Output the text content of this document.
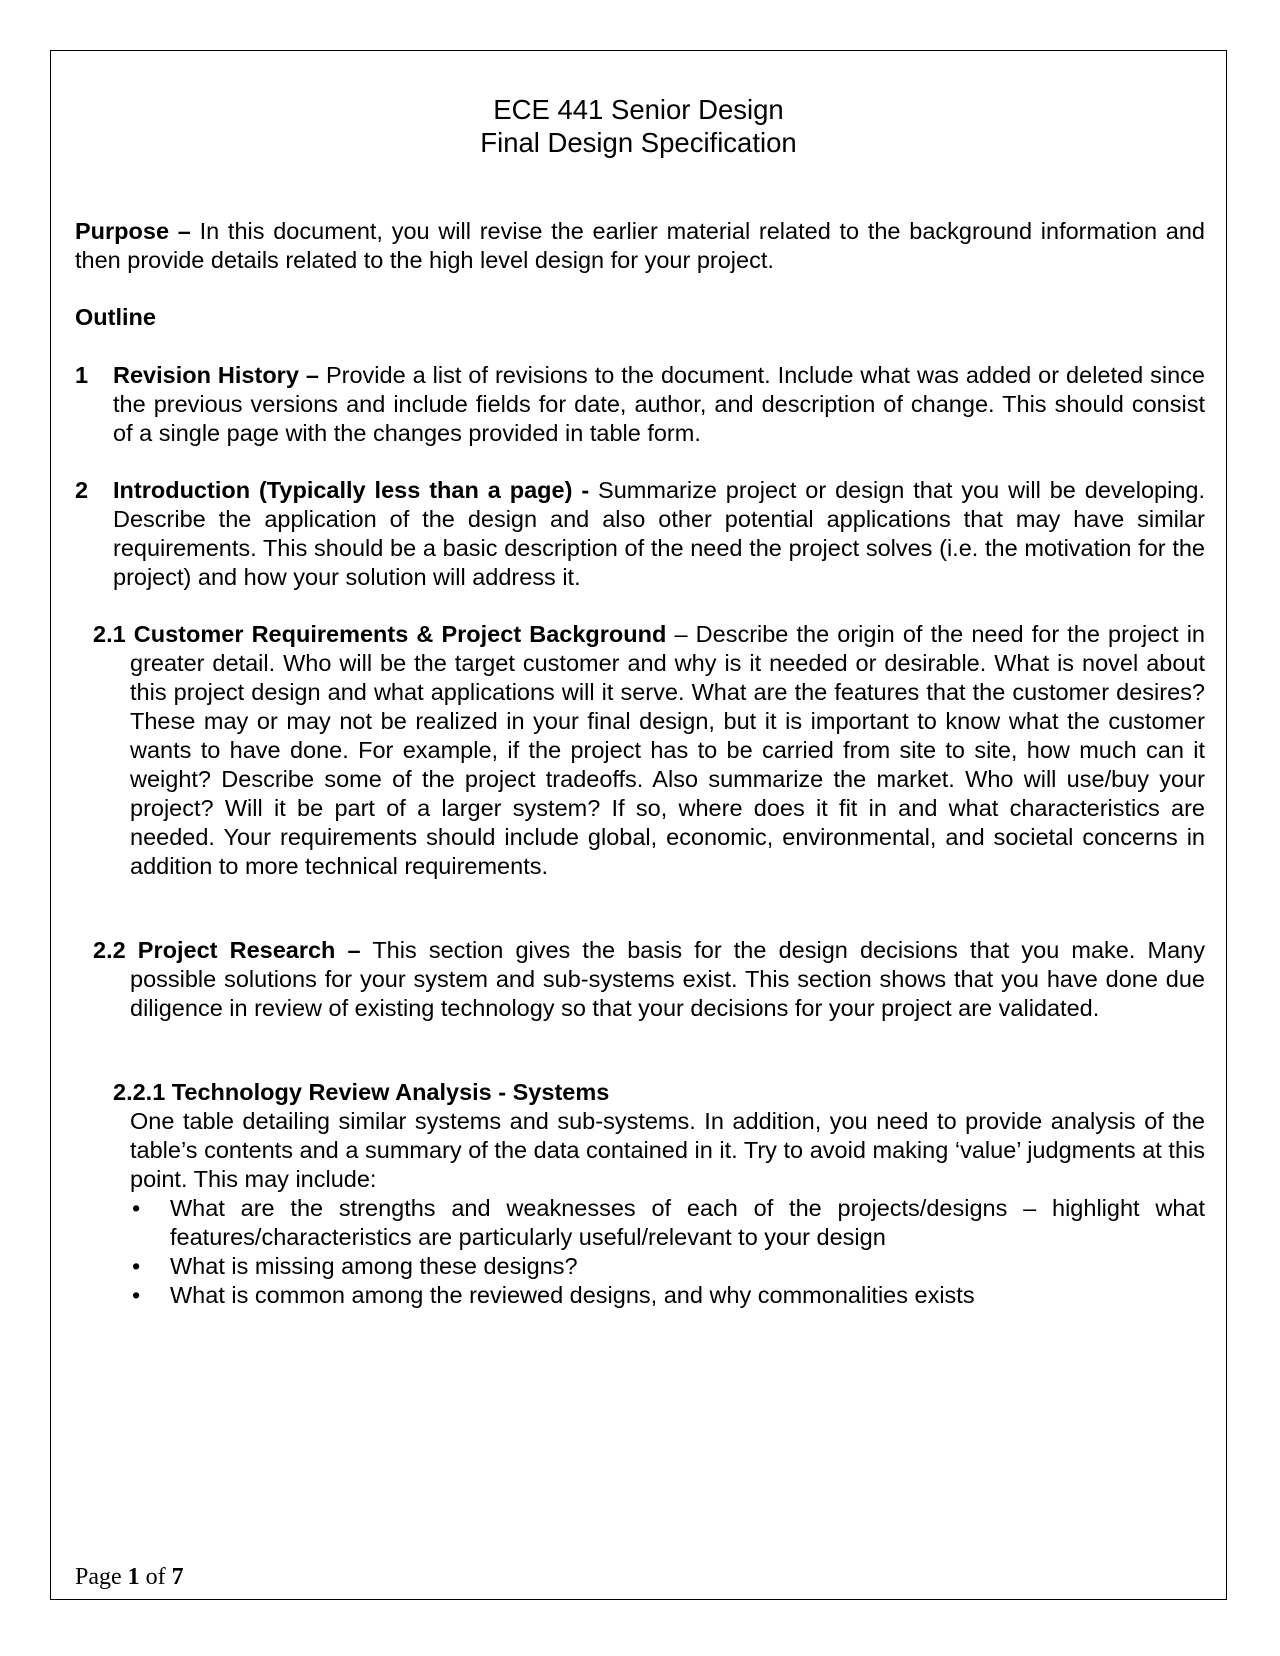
ECE 441 Senior Design
Final Design Specification
Purpose – In this document, you will revise the earlier material related to the background information and then provide details related to the high level design for your project.
Outline
1 Revision History – Provide a list of revisions to the document. Include what was added or deleted since the previous versions and include fields for date, author, and description of change. This should consist of a single page with the changes provided in table form.
2 Introduction (Typically less than a page) - Summarize project or design that you will be developing. Describe the application of the design and also other potential applications that may have similar requirements. This should be a basic description of the need the project solves (i.e. the motivation for the project) and how your solution will address it.
2.1 Customer Requirements & Project Background – Describe the origin of the need for the project in greater detail. Who will be the target customer and why is it needed or desirable. What is novel about this project design and what applications will it serve. What are the features that the customer desires? These may or may not be realized in your final design, but it is important to know what the customer wants to have done. For example, if the project has to be carried from site to site, how much can it weight? Describe some of the project tradeoffs. Also summarize the market. Who will use/buy your project? Will it be part of a larger system? If so, where does it fit in and what characteristics are needed. Your requirements should include global, economic, environmental, and societal concerns in addition to more technical requirements.
2.2 Project Research – This section gives the basis for the design decisions that you make. Many possible solutions for your system and sub-systems exist. This section shows that you have done due diligence in review of existing technology so that your decisions for your project are validated.
2.2.1 Technology Review Analysis - Systems
One table detailing similar systems and sub-systems. In addition, you need to provide analysis of the table’s contents and a summary of the data contained in it. Try to avoid making ‘value’ judgments at this point. This may include:
• What are the strengths and weaknesses of each of the projects/designs – highlight what features/characteristics are particularly useful/relevant to your design
• What is missing among these designs?
• What is common among the reviewed designs, and why commonalities exists
Page 1 of 7
